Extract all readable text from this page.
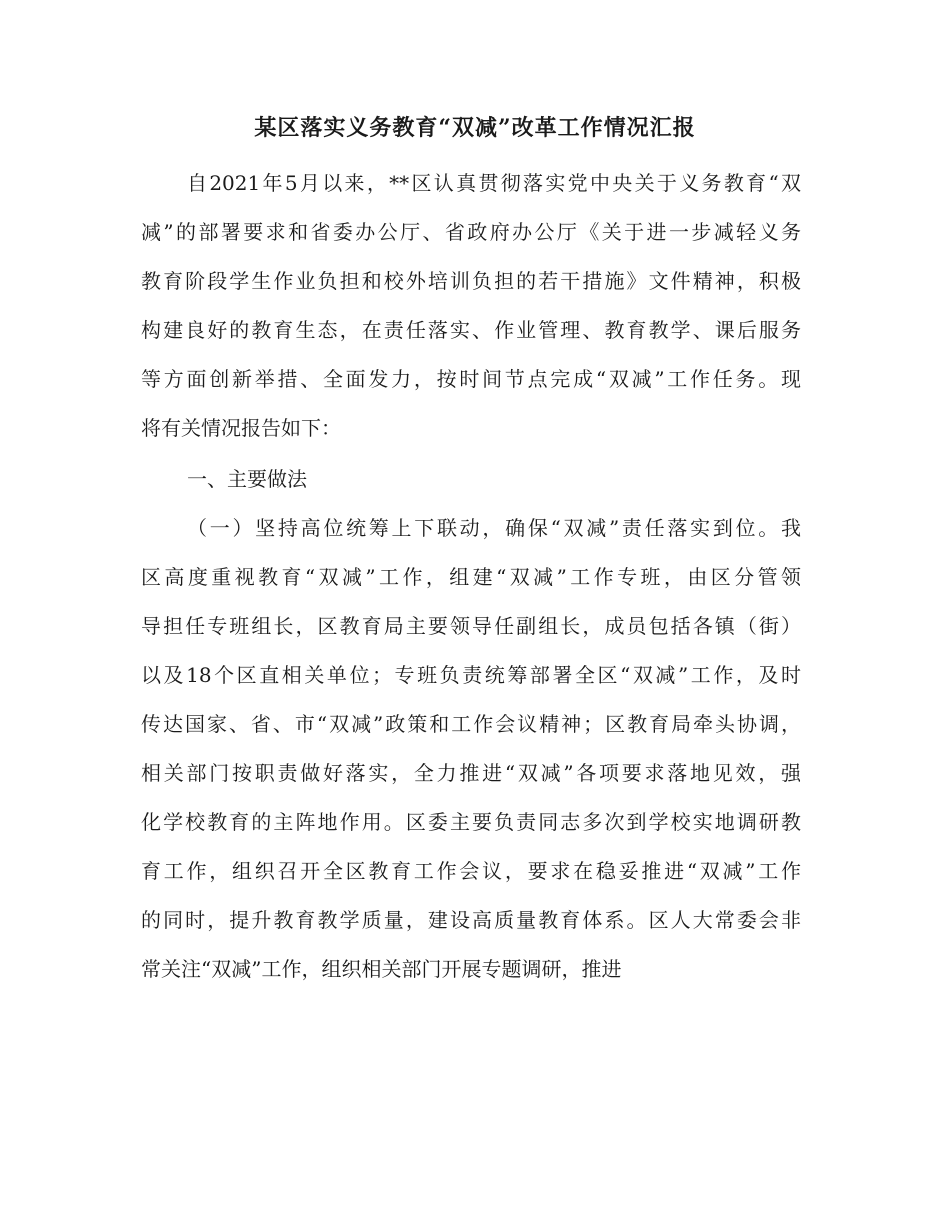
某区落实义务教育“双减”改革工作情况汇报

自2021年5月以来，**区认真贯彻落实党中央关于义务教育“双

减”的部署要求和省委办公厅、省政府办公厅《关于进一步减轻义务

教育阶段学生作业负担和校外培训负担的若干措施》文件精神，积极

构建良好的教育生态，在责任落实、作业管理、教育教学、课后服务

等方面创新举措、全面发力，按时间节点完成“双减”工作任务。现

将有关情况报告如下：

一、主要做法

（一）坚持高位统筹上下联动，确保“双减”责任落实到位。我

区高度重视教育“双减”工作，组建“双减”工作专班，由区分管领

导担任专班组长，区教育局主要领导任副组长，成员包括各镇（街）

以及18个区直相关单位；专班负责统筹部署全区“双减”工作，及时

传达国家、省、市“双减”政策和工作会议精神；区教育局牵头协调，

相关部门按职责做好落实，全力推进“双减”各项要求落地见效，强

化学校教育的主阵地作用。区委主要负责同志多次到学校实地调研教

育工作，组织召开全区教育工作会议，要求在稳妥推进“双减”工作

的同时，提升教育教学质量，建设高质量教育体系。区人大常委会非

常关注“双减”工作，组织相关部门开展专题调研，推进
